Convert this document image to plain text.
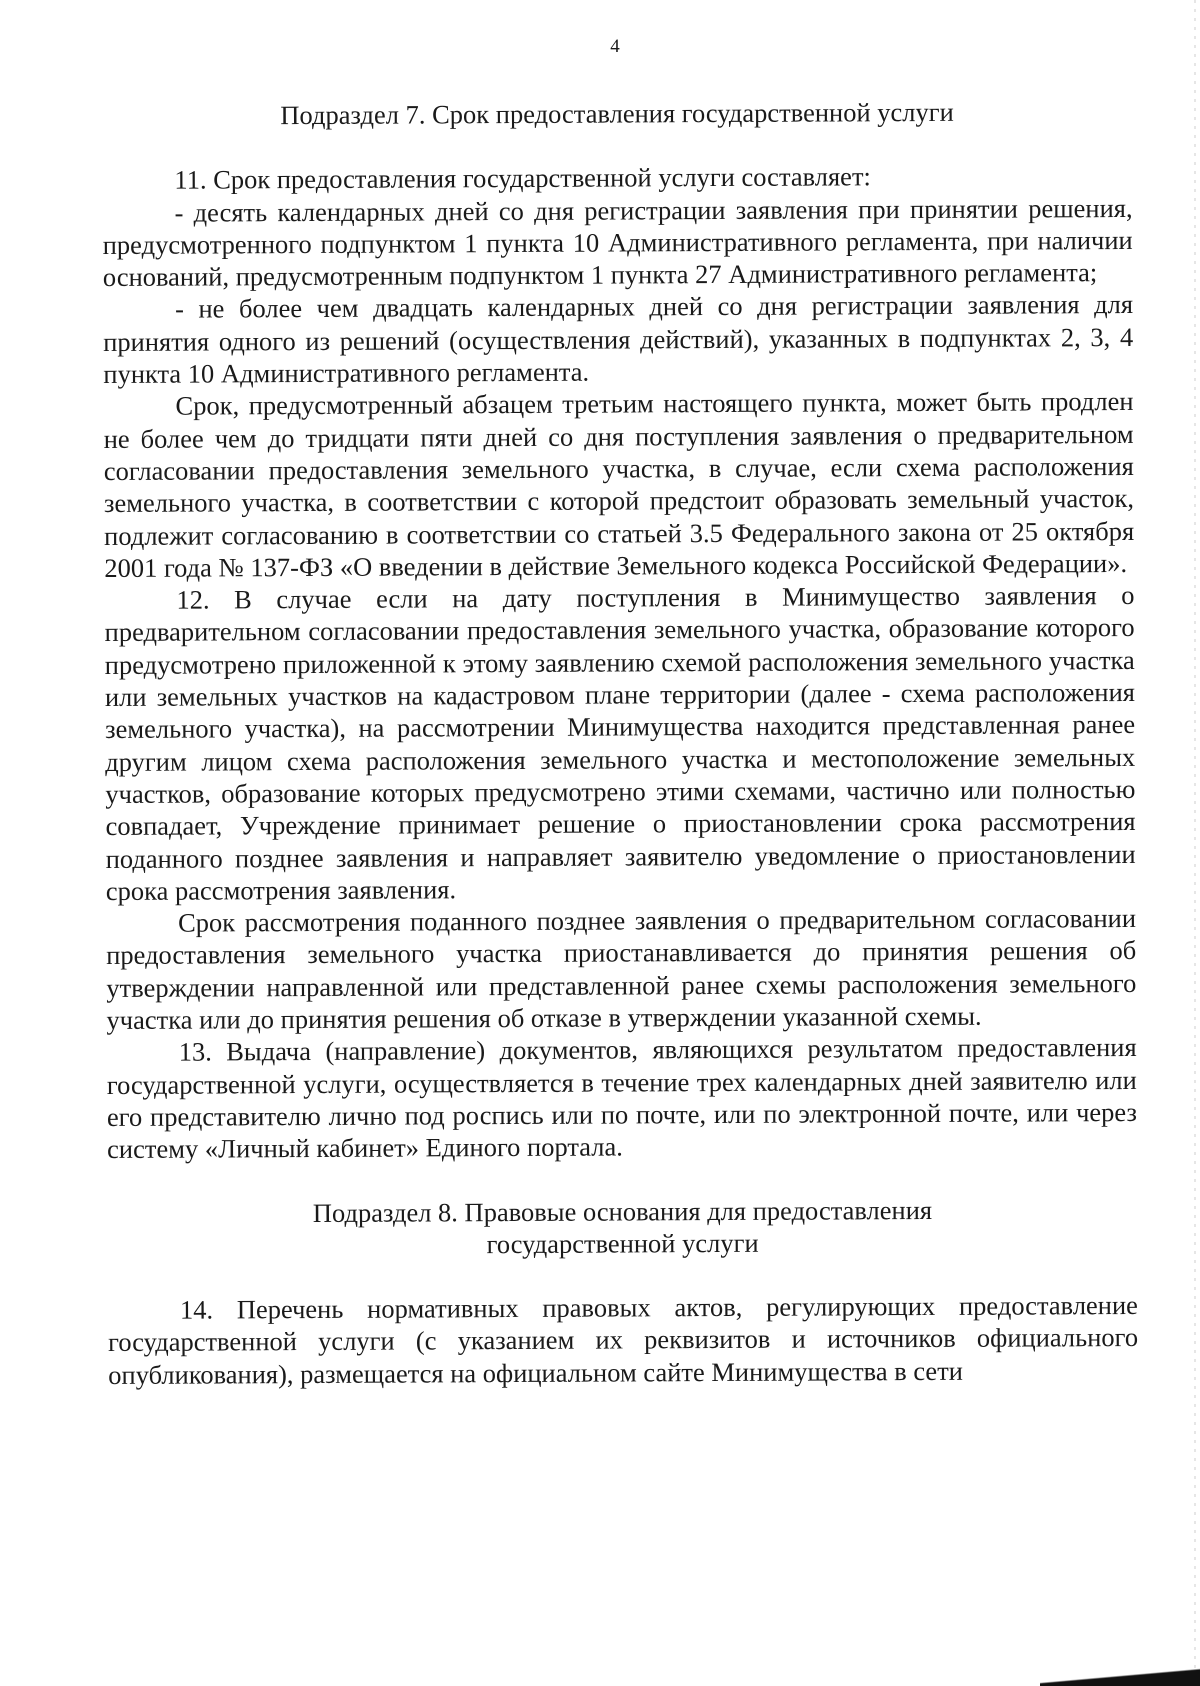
4

Подраздел 7. Срок предоставления государственной услуги

11. Срок предоставления государственной услуги составляет:

- десять календарных дней со дня регистрации заявления при принятии решения, предусмотренного подпунктом 1 пункта 10 Административного регламента, при наличии оснований, предусмотренным подпунктом 1 пункта 27 Административного регламента;

- не более чем двадцать календарных дней со дня регистрации заявления для принятия одного из решений (осуществления действий), указанных в подпунктах 2, 3, 4 пункта 10 Административного регламента.

Срок, предусмотренный абзацем третьим настоящего пункта, может быть продлен не более чем до тридцати пяти дней со дня поступления заявления о предварительном согласовании предоставления земельного участка, в случае, если схема расположения земельного участка, в соответствии с которой предстоит образовать земельный участок, подлежит согласованию в соответствии со статьей 3.5 Федерального закона от 25 октября 2001 года № 137-ФЗ «О введении в действие Земельного кодекса Российской Федерации».

12. В случае если на дату поступления в Минимущество заявления о предварительном согласовании предоставления земельного участка, образование которого предусмотрено приложенной к этому заявлению схемой расположения земельного участка или земельных участков на кадастровом плане территории (далее - схема расположения земельного участка), на рассмотрении Минимущества находится представленная ранее другим лицом схема расположения земельного участка и местоположение земельных участков, образование которых предусмотрено этими схемами, частично или полностью совпадает, Учреждение принимает решение о приостановлении срока рассмотрения поданного позднее заявления и направляет заявителю уведомление о приостановлении срока рассмотрения заявления.

Срок рассмотрения поданного позднее заявления о предварительном согласовании предоставления земельного участка приостанавливается до принятия решения об утверждении направленной или представленной ранее схемы расположения земельного участка или до принятия решения об отказе в утверждении указанной схемы.

13. Выдача (направление) документов, являющихся результатом предоставления государственной услуги, осуществляется в течение трех календарных дней заявителю или его представителю лично под роспись или по почте, или по электронной почте, или через систему «Личный кабинет» Единого портала.

Подраздел 8. Правовые основания для предоставления
государственной услуги

14. Перечень нормативных правовых актов, регулирующих предоставление государственной услуги (с указанием их реквизитов и источников официального опубликования), размещается на официальном сайте Минимущества в сети
